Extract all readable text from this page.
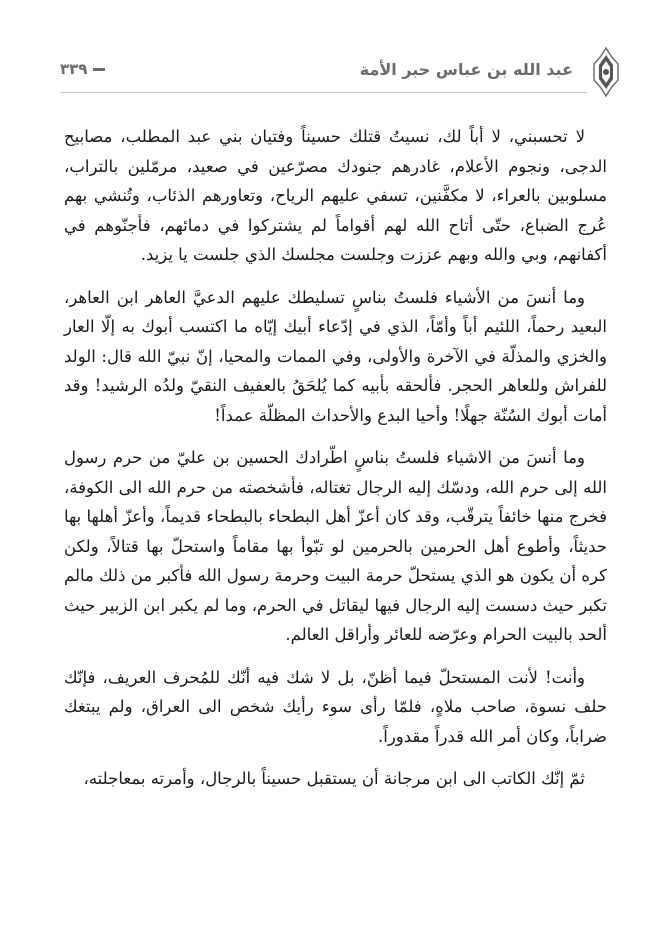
عبد الله بن عباس حبر الأمة
٣٣٩

لا تحسبني، لا أباً لك، نسيتُ قتلك حسيناً وفتيان بني عبد المطلب، مصابيح الدجى، ونجوم الأعلام، غادرهم جنودك مصرّعين في صعيد، مرمّلين بالتراب، مسلوبين بالعراء، لا مكفَّنين، تسفي عليهم الرياح، وتعاورهم الذئاب، وتُنشي بهم عُرج الضباع، حتّى أتاح الله لهم أقواماً لم يشتركوا في دمائهم، فأجنّوهم في أكفانهم، وبي والله وبهم عززت وجلست مجلسك الذي جلست يا يزيد.

وما أنسَ من الأشياء فلستُ بناسٍ تسليطك عليهم الدعيَّ العاهر ابن العاهر، البعيد رحماً، اللئيم أباً وأمّاً، الذي في إدّعاء أبيك إيّاه ما اكتسب أبوك به إلّا العار والخزي والمذلّة في الآخرة والأولى، وفي الممات والمحيا، إنّ نبيّ الله قال: الولد للفراش وللعاهر الحجر. فألحقه بأبيه كما يُلحَقُ بالعفيف النقيّ ولدُه الرشيد! وقد أمات أبوك السُنّة جهلًا! وأحيا البدع والأحداث المظلّة عمداً!

وما أنسَ من الاشياء فلستُ بناسٍ اطّرادك الحسين بن عليّ من حرم رسول الله إلى حرم الله، ودسّك إليه الرجال تغتاله، فأشخصته من حرم الله الى الكوفة، فخرج منها خائفاً يترقّب، وقد كان أعزّ أهل البطحاء بالبطحاء قديماً، وأعزّ أهلها بها حديثاً، وأطوع أهل الحرمين بالحرمين لو تبّوأ بها مقاماً واستحلّ بها قتالاً، ولكن كره أن يكون هو الذي يستحلّ حرمة البيت وحرمة رسول الله فأكبر من ذلك مالم تكبر حيث دسست إليه الرجال فيها ليقاتل في الحرم، وما لم يكبر ابن الزبير حيث ألحد بالبيت الحرام وعرّضه للعائر وأراقل العالم.

وأنت! لأنت المستحلّ فيما أظنّ، بل لا شك فيه أنّك للمُحرف العريف، فإنّك حلف نسوة، صاحب ملاهٍ، فلمّا رأى سوء رأيك شخص الى العراق، ولم يبتغك ضراباً، وكان أمر الله قدراً مقدوراً.

ثمّ إنّك الكاتب الى ابن مرجانة أن يستقبل حسيناً بالرجال، وأمرته بمعاجلته،
